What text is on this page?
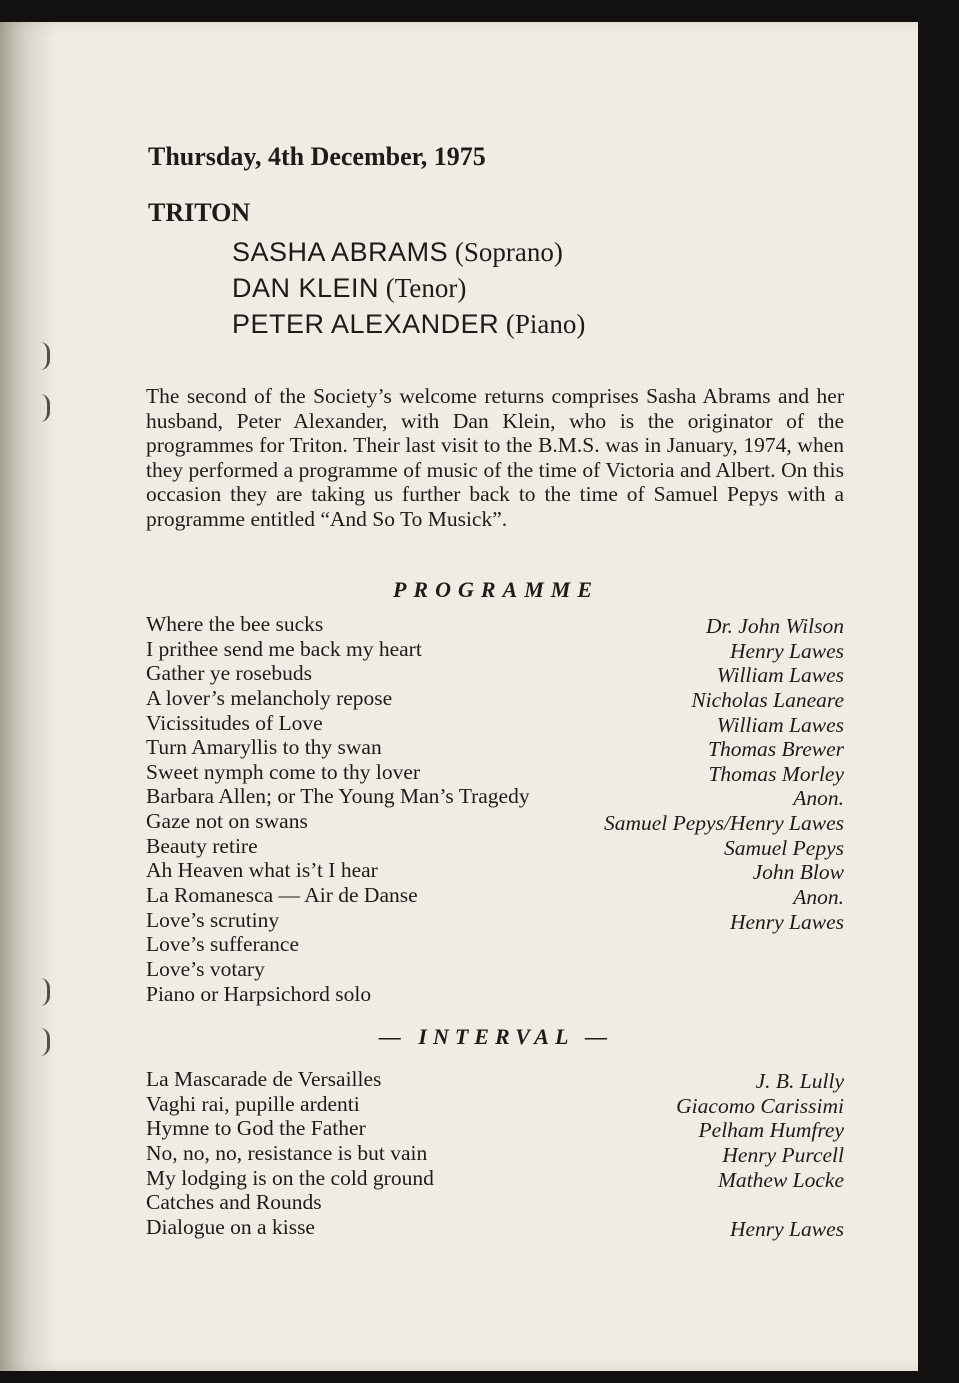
Thursday, 4th December, 1975
TRITON
SASHA ABRAMS (Soprano)
DAN KLEIN (Tenor)
PETER ALEXANDER (Piano)

The second of the Society’s welcome returns comprises Sasha Abrams and her husband, Peter Alexander, with Dan Klein, who is the originator of the programmes for Triton. Their last visit to the B.M.S. was in January, 1974, when they performed a programme of music of the time of Victoria and Albert. On this occasion they are taking us further back to the time of Samuel Pepys with a programme entitled “And So To Musick”.

PROGRAMME
Where the bee sucks	Dr. John Wilson
I prithee send me back my heart	Henry Lawes
Gather ye rosebuds	William Lawes
A lover’s melancholy repose	Nicholas Laneare
Vicissitudes of Love	William Lawes
Turn Amaryllis to thy swan	Thomas Brewer
Sweet nymph come to thy lover	Thomas Morley
Barbara Allen; or The Young Man’s Tragedy	Anon.
Gaze not on swans	Samuel Pepys/Henry Lawes
Beauty retire	Samuel Pepys
Ah Heaven what is’t I hear	John Blow
La Romanesca — Air de Danse	Anon.
Love’s scrutiny	Henry Lawes
Love’s sufferance
Love’s votary
Piano or Harpsichord solo
— INTERVAL —
La Mascarade de Versailles	J. B. Lully
Vaghi rai, pupille ardenti	Giacomo Carissimi
Hymne to God the Father	Pelham Humfrey
No, no, no, resistance is but vain	Henry Purcell
My lodging is on the cold ground	Mathew Locke
Catches and Rounds
Dialogue on a kisse	Henry Lawes
